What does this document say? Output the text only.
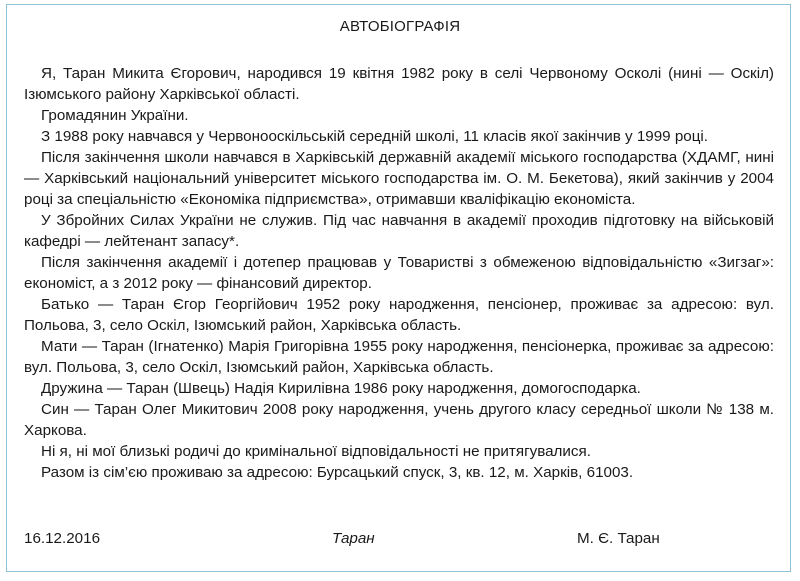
АВТОБІОГРАФІЯ

Я, Таран Микита Єгорович, народився 19 квітня 1982 року в селі Червоному Осколі (нині — Оскіл) Ізюмського району Харківської області.

Громадянин України.

З 1988 року навчався у Червонооскільській середній школі, 11 класів якої закінчив у 1999 році.

Після закінчення школи навчався в Харківській державній академії міського господарства (ХДАМГ, нині — Харківський національний університет міського господарства ім. О. М. Бекетова), який закінчив у 2004 році за спеціальністю «Економіка підприємства», отримавши кваліфікацію економіста.

У Збройних Силах України не служив. Під час навчання в академії проходив підготовку на військовій кафедрі — лейтенант запасу*.

Після закінчення академії і дотепер працював у Товаристві з обмеженою відповідальністю «Зигзаг»: економіст, а з 2012 року — фінансовий директор.

Батько — Таран Єгор Георгійович 1952 року народження, пенсіонер, проживає за адресою: вул. Польова, 3, село Оскіл, Ізюмський район, Харківська область.

Мати — Таран (Ігнатенко) Марія Григорівна 1955 року народження, пенсіонерка, проживає за адресою: вул. Польова, 3, село Оскіл, Ізюмський район, Харківська область.

Дружина — Таран (Швець) Надія Кирилівна 1986 року народження, домогосподарка.

Син — Таран Олег Микитович 2008 року народження, учень другого класу середньої школи № 138 м. Харкова.

Ні я, ні мої близькі родичі до кримінальної відповідальності не притягувалися.

Разом із сім’єю проживаю за адресою: Бурсацький спуск, 3, кв. 12, м. Харків, 61003.

16.12.2016	Таран	М. Є. Таран
